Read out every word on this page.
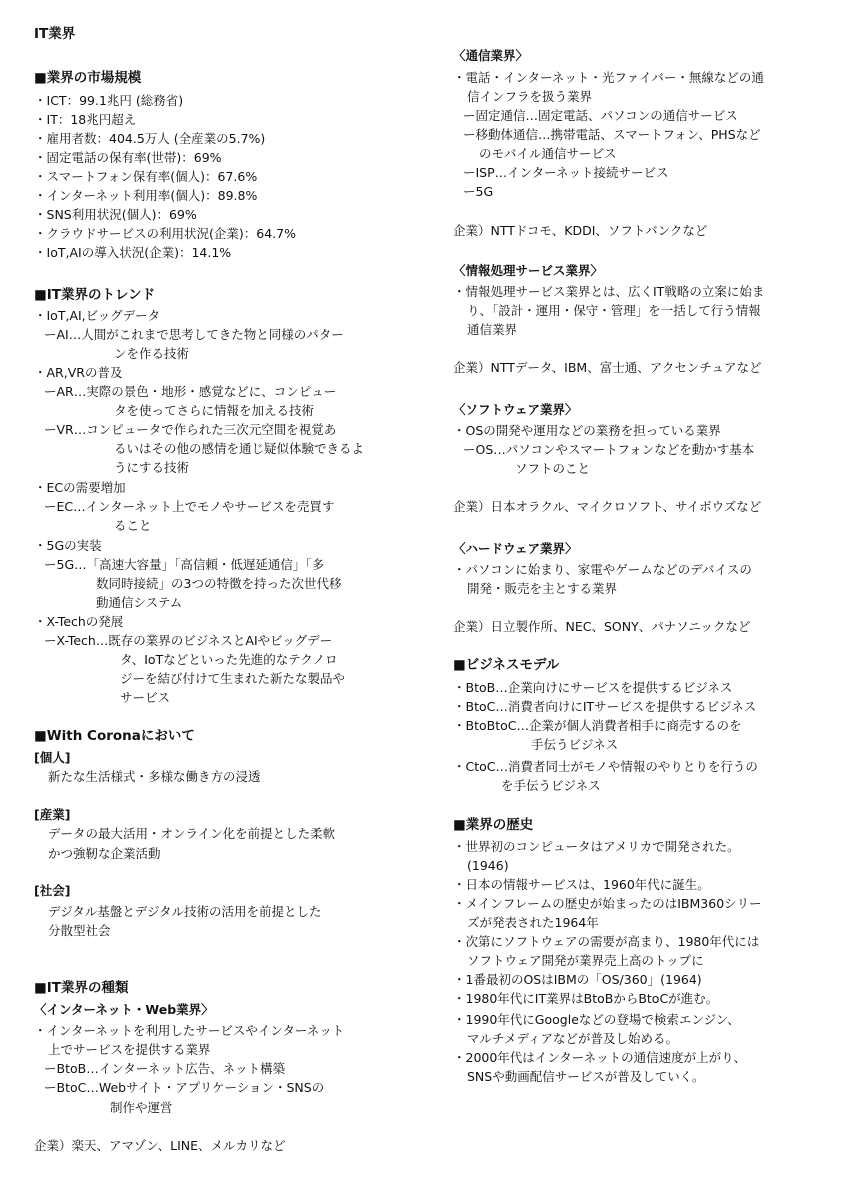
IT業界
■業界の市場規模
・ ICT：99.1兆円 (総務省)
・ IT：18兆円超え
・ 雇用者数：404.5万人 (全産業の5.7%)
・ 固定電話の保有率(世帯)：69%
・ スマートフォン保有率(個人)：67.6%
・ インターネット利用率(個人)：89.8%
・ SNS利用状況(個人)：69%
・ クラウドサービスの利用状況(企業)：64.7%
・ IoT,AIの導入状況(企業)：14.1%
■IT業界のトレンド
・IoT,AI,ビッグデータ
ーAI…人間がこれまで思考してきた物と同様のパター
ンを作る技術
・AR,VRの普及
ーAR…実際の景色・地形・感覚などに、コンピュー
タを使ってさらに情報を加える技術
ーVR…コンピュータで作られた三次元空間を視覚あ
るいはその他の感情を通じ疑似体験できるよ
うにする技術
・ECの需要増加
ーEC…インターネット上でモノやサービスを売買す
ること
・5Gの実装
ー5G…「高速大容量」「高信頼・低遅延通信」「多
数同時接続」の3つの特徴を持った次世代移
動通信システム
・X-Techの発展
ーX-Tech…既存の業界のビジネスとAIやビッグデー
タ、IoTなどといった先進的なテクノロ
ジーを結び付けて生まれた新たな製品や
サービス
■With Coronaにおいて
[個人]
新たな生活様式・多様な働き方の浸透
[産業]
データの最大活用・オンライン化を前提とした柔軟
かつ強靭な企業活動
[社会]
デジタル基盤とデジタル技術の活用を前提とした
分散型社会
■IT業界の種類
〈インターネット・Web業界〉
・インターネットを利用したサービスやインターネット
上でサービスを提供する業界
ーBtoB…インターネット広告、ネット構築
ーBtoC…Webサイト・アプリケーション・SNSの
制作や運営
企業）楽天、アマゾン、LINE、メルカリなど
〈通信業界〉
・電話・インターネット・光ファイバー・無線などの通
信インフラを扱う業界
ー固定通信…固定電話、パソコンの通信サービス
ー移動体通信…携帯電話、スマートフォン、PHSなど
のモバイル通信サービス
ーISP…インターネット接続サービス
ー5G
企業）NTTドコモ、KDDI、ソフトバンクなど
〈情報処理サービス業界〉
・情報処理サービス業界とは、広くIT戦略の立案に始ま
り、「設計・運用・保守・管理」を一括して行う情報
通信業界
企業）NTTデータ、IBM、富士通、アクセンチュアなど
〈ソフトウェア業界〉
・OSの開発や運用などの業務を担っている業界
ーOS…パソコンやスマートフォンなどを動かす基本
ソフトのこと
企業）日本オラクル、マイクロソフト、サイボウズなど
〈ハードウェア業界〉
・パソコンに始まり、家電やゲームなどのデバイスの
開発・販売を主とする業界
企業）日立製作所、NEC、SONY、パナソニックなど
■ビジネスモデル
・BtoB…企業向けにサービスを提供するビジネス
・BtoC…消費者向けにITサービスを提供するビジネス
・BtoBtoC…企業が個人消費者相手に商売するのを
手伝うビジネス
・CtoC…消費者同士がモノや情報のやりとりを行うの
を手伝うビジネス
■業界の歴史
・世界初のコンピュータはアメリカで開発された。
(1946)
・日本の情報サービスは、1960年代に誕生。
・メインフレームの歴史が始まったのはIBM360シリー
ズが発表された1964年
・次第にソフトウェアの需要が高まり、1980年代には
ソフトウェア開発が業界売上高のトップに
・1番最初のOSはIBMの「OS/360」(1964)
・1980年代にIT業界はBtoBからBtoCが進む。
・1990年代にGoogleなどの登場で検索エンジン、
マルチメディアなどが普及し始める。
・2000年代はインターネットの通信速度が上がり、
SNSや動画配信サービスが普及していく。
